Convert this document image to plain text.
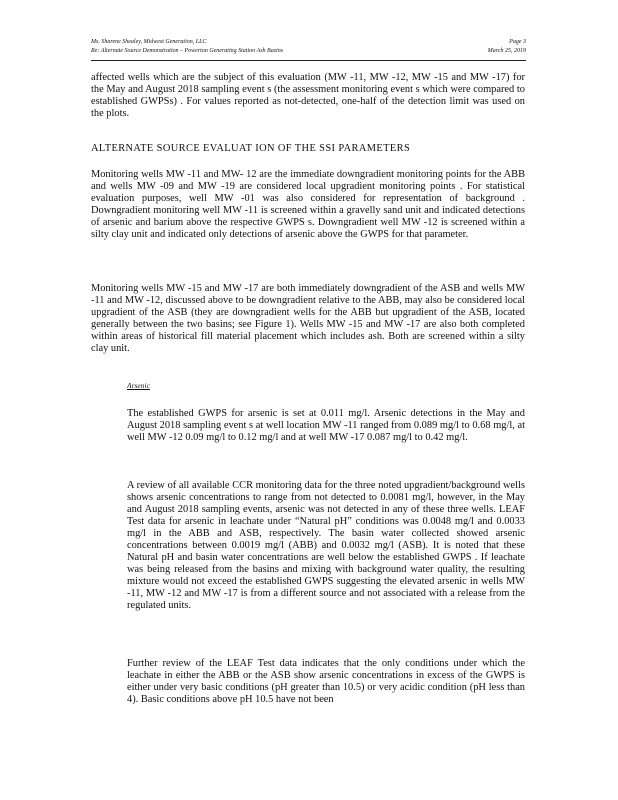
Ms. Sharene Shealey, Midwest Generation, LLC	Page 3
Re: Alternate Source Demonstration – Powerton Generating Station Ash Basins	March 25, 2019

affected wells which are the subject of this evaluation (MW -11, MW -12, MW -15 and MW -17) for the May and August 2018 sampling event s (the assessment monitoring event s which were compared to established GWPSs) . For values reported as not-detected, one-half of the detection limit was used on the plots.

ALTERNATE SOURCE EVALUAT ION OF THE SSI PARAMETERS

Monitoring wells MW -11 and MW- 12 are the immediate downgradient monitoring points for the ABB and wells MW -09 and MW -19 are considered local upgradient monitoring points . For statistical evaluation purposes, well MW -01 was also considered for representation of background . Downgradient monitoring well MW -11 is screened within a gravelly sand unit and indicated detections of arsenic and barium above the respective GWPS s. Downgradient well MW -12 is screened within a silty clay unit and indicated only detections of arsenic above the GWPS for that parameter.

Monitoring wells MW -15 and MW -17 are both immediately downgradient of the ASB and wells MW -11 and MW -12, discussed above to be downgradient relative to the ABB, may also be considered local upgradient of the ASB (they are downgradient wells for the ABB but upgradient of the ASB, located generally between the two basins; see Figure 1). Wells MW -15 and MW -17 are also both completed within areas of historical fill material placement which includes ash. Both are screened within a silty clay unit.

Arsenic

The established GWPS for arsenic is set at 0.011 mg/l. Arsenic detections in the May and August 2018 sampling event s at well location MW -11 ranged from 0.089 mg/l to 0.68 mg/l, at well MW -12 0.09 mg/l to 0.12 mg/l and at well MW -17 0.087 mg/l to 0.42 mg/l.

A review of all available CCR monitoring data for the three noted upgradient/background wells shows arsenic concentrations to range from not detected to 0.0081 mg/l, however, in the May and August 2018 sampling events, arsenic was not detected in any of these three wells. LEAF Test data for arsenic in leachate under “Natural pH” conditions was 0.0048 mg/l and 0.0033 mg/l in the ABB and ASB, respectively. The basin water collected showed arsenic concentrations between 0.0019 mg/l (ABB) and 0.0032 mg/l (ASB). It is noted that these Natural pH and basin water concentrations are well below the established GWPS . If leachate was being released from the basins and mixing with background water quality, the resulting mixture would not exceed the established GWPS suggesting the elevated arsenic in wells MW -11, MW -12 and MW -17 is from a different source and not associated with a release from the regulated units.

Further review of the LEAF Test data indicates that the only conditions under which the leachate in either the ABB or the ASB show arsenic concentrations in excess of the GWPS is either under very basic conditions (pH greater than 10.5) or very acidic condition (pH less than 4). Basic conditions above pH 10.5 have not been
